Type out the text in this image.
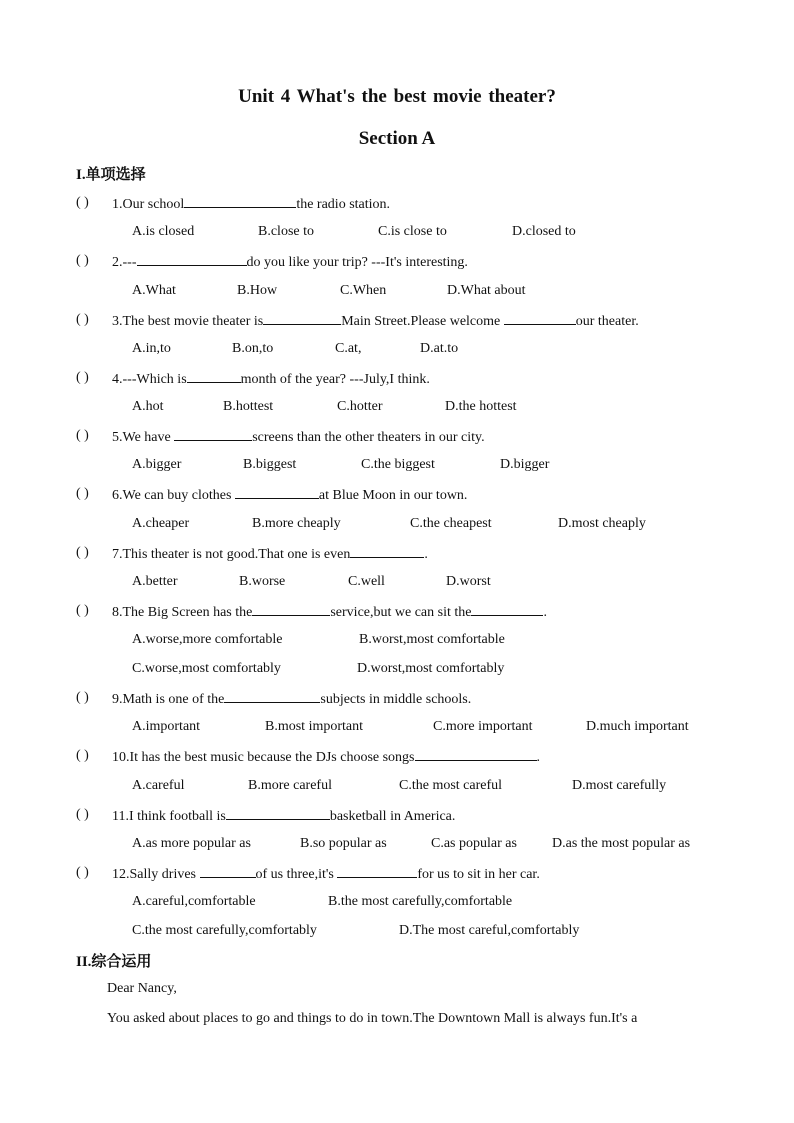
Unit 4 What's the best movie theater?
Section A
I.单项选择
( ) 1.Our school	the radio station.
A.is closed	B.close to	C.is close to	D.closed to
( ) 2.---	do you like your trip? ---It's interesting.
A.What	B.How	C.When	D.What about
( ) 3.The best movie theater is	Main Street.Please welcome	our theater.
A.in,to	B.on,to	C.at,	D.at.to
( ) 4.---Which is	month of the year? ---July,I think.
A.hot	B.hottest	C.hotter	D.the hottest
( ) 5.We have	screens than the other theaters in our city.
A.bigger	B.biggest	C.the biggest	D.bigger
( ) 6.We can buy clothes	at Blue Moon in our town.
A.cheaper	B.more cheaply	C.the cheapest	D.most cheaply
( ) 7.This theater is not good.That one is even	.
A.better	B.worse	C.well	D.worst
( ) 8.The Big Screen has the	service,but we can sit the	.
A.worse,more comfortable	B.worst,most comfortable
C.worse,most comfortably	D.worst,most comfortably
( ) 9.Math is one of the	subjects in middle schools.
A.important	B.most important	C.more important	D.much important
( ) 10.It has the best music because the DJs choose songs	.
A.careful	B.more careful	C.the most careful	D.most carefully
( ) 11.I think football is	basketball in America.
A.as more popular as	B.so popular as	C.as popular as	D.as the most popular as
( ) 12.Sally drives	of us three,it's	for us to sit in her car.
A.careful,comfortable	B.the most carefully,comfortable
C.the most carefully,comfortably	D.The most careful,comfortably
II.综合运用
Dear Nancy,
You asked about places to go and things to do in town.The Downtown Mall is always fun.It's a
